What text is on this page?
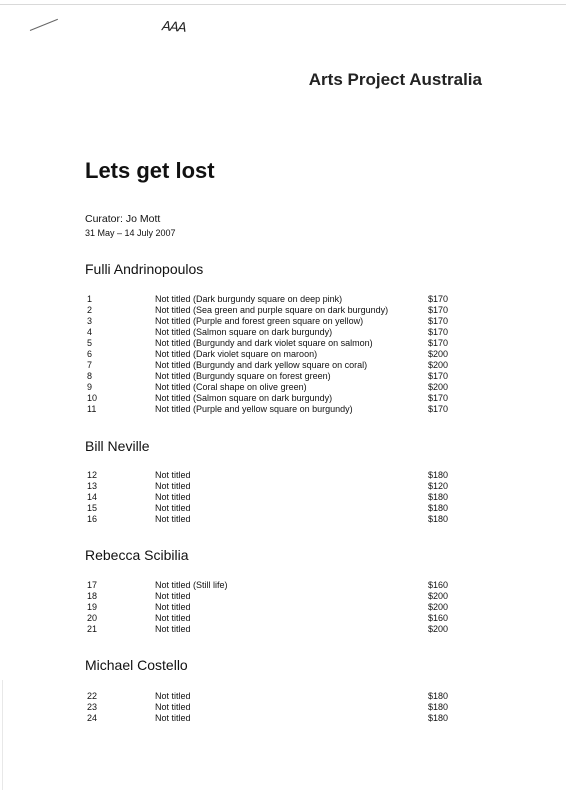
AAA
Arts Project Australia
Lets get lost
Curator: Jo Mott
31 May – 14 July 2007
Fulli Andrinopoulos
1	Not titled (Dark burgundy square on deep pink)	$170
2	Not titled (Sea green and purple square on dark burgundy)	$170
3	Not titled (Purple and forest green square on yellow)	$170
4	Not titled (Salmon square on dark burgundy)	$170
5	Not titled (Burgundy and dark violet square on salmon)	$170
6	Not titled (Dark violet square on maroon)	$200
7	Not titled (Burgundy and dark yellow square on coral)	$200
8	Not titled (Burgundy square on forest green)	$170
9	Not titled (Coral shape on olive green)	$200
10	Not titled (Salmon square on dark burgundy)	$170
11	Not titled (Purple and yellow square on burgundy)	$170
Bill Neville
12	Not titled	$180
13	Not titled	$120
14	Not titled	$180
15	Not titled	$180
16	Not titled	$180
Rebecca Scibilia
17	Not titled (Still life)	$160
18	Not titled	$200
19	Not titled	$200
20	Not titled	$160
21	Not titled	$200
Michael Costello
22	Not titled	$180
23	Not titled	$180
24	Not titled	$180
